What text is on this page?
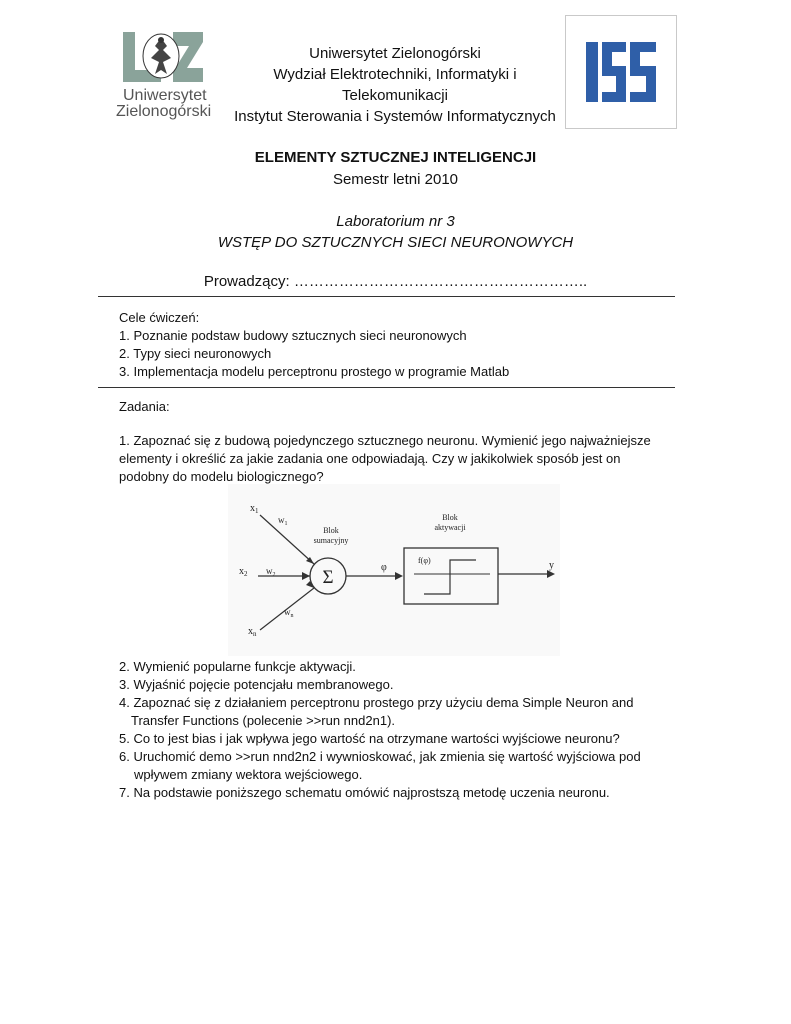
Uniwersytet
Zielonogórski
Uniwersytet Zielonogórski
Wydział Elektrotechniki, Informatyki i
Telekomunikacji
Instytut Sterowania i Systemów Informatycznych
ELEMENTY SZTUCZNEJ INTELIGENCJI
Semestr letni 2010
Laboratorium nr 3
WSTĘP DO SZTUCZNYCH SIECI NEURONOWYCH
Prowadzący: …………………………………………………..
Cele ćwiczeń:
1. Poznanie podstaw budowy sztucznych sieci neuronowych
2. Typy sieci neuronowych
3. Implementacja modelu perceptronu prostego w programie Matlab
Zadania:
1. Zapoznać się z budową pojedynczego sztucznego neuronu. Wymienić jego najważniejsze
elementy i określić za jakie zadania one odpowiadają. Czy w jakikolwiek sposób jest on
podobny do modelu biologicznego?
$x_1$
$x_2$
$x_n$
$w_1$
$w_2$
$w_n$
Σ
Blok
sumacyjny
φ
Blok
aktywacji
f(φ)	y
2. Wymienić popularne funkcje aktywacji.
3. Wyjaśnić pojęcie potencjału membranowego.
4. Zapoznać się z działaniem perceptronu prostego przy użyciu dema Simple Neuron and
Transfer Functions (polecenie >>run nnd2n1).
5. Co to jest bias i jak wpływa jego wartość na otrzymane wartości wyjściowe neuronu?
6. Uruchomić demo >>run nnd2n2 i wywnioskować, jak zmienia się wartość wyjściowa pod
wpływem zmiany wektora wejściowego.
7. Na podstawie poniższego schematu omówić najprostszą metodę uczenia neuronu.
